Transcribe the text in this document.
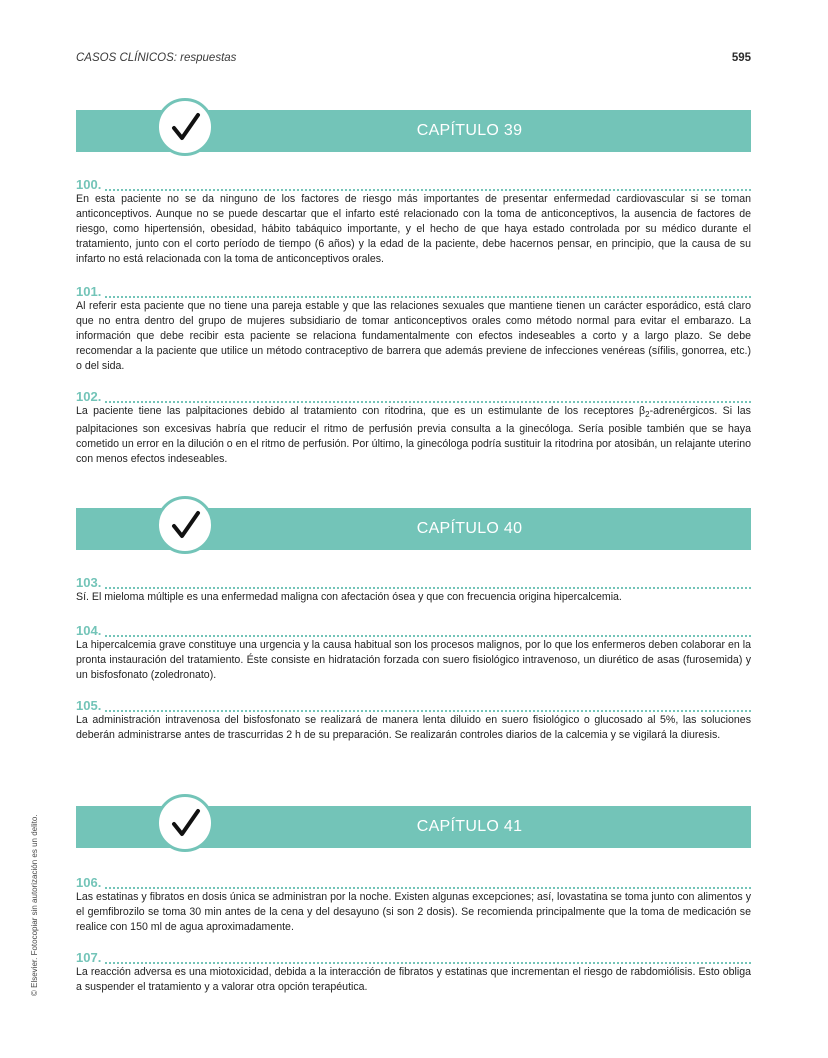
CASOS CLÍNICOS: respuestas	595
CAPÍTULO 39
100.

En esta paciente no se da ninguno de los factores de riesgo más importantes de presentar enfermedad cardiovascular si se toman anticonceptivos. Aunque no se puede descartar que el infarto esté relacionado con la toma de anticonceptivos, la ausencia de factores de riesgo, como hipertensión, obesidad, hábito tabáquico importante, y el hecho de que haya estado controlada por su médico durante el tratamiento, junto con el corto período de tiempo (6 años) y la edad de la paciente, debe hacernos pensar, en principio, que la causa de su infarto no está relacionada con la toma de anticonceptivos orales.

101.

Al referir esta paciente que no tiene una pareja estable y que las relaciones sexuales que mantiene tienen un carácter esporádico, está claro que no entra dentro del grupo de mujeres subsidiario de tomar anticonceptivos orales como método normal para evitar el embarazo. La información que debe recibir esta paciente se relaciona fundamentalmente con efectos indeseables a corto y a largo plazo. Se debe recomendar a la paciente que utilice un método contraceptivo de barrera que además previene de infecciones venéreas (sífilis, gonorrea, etc.) o del sida.

102.

La paciente tiene las palpitaciones debido al tratamiento con ritodrina, que es un estimulante de los receptores $\beta_2$-adrenérgicos. Si las palpitaciones son excesivas habría que reducir el ritmo de perfusión previa consulta a la ginecóloga. Sería posible también que se haya cometido un error en la dilución o en el ritmo de perfusión. Por último, la ginecóloga podría sustituir la ritodrina por atosibán, un relajante uterino con menos efectos indeseables.

CAPÍTULO 40
103.

Sí. El mieloma múltiple es una enfermedad maligna con afectación ósea y que con frecuencia origina hipercalcemia.

104.

La hipercalcemia grave constituye una urgencia y la causa habitual son los procesos malignos, por lo que los enfermeros deben colaborar en la pronta instauración del tratamiento. Éste consiste en hidratación forzada con suero fisiológico intravenoso, un diurético de asas (furosemida) y un bisfosfonato (zoledronato).

105.

La administración intravenosa del bisfosfonato se realizará de manera lenta diluido en suero fisiológico o glucosado al 5%, las soluciones deberán administrarse antes de trascurridas 2 h de su preparación. Se realizarán controles diarios de la calcemia y se vigilará la diuresis.

CAPÍTULO 41
106.

Las estatinas y fibratos en dosis única se administran por la noche. Existen algunas excepciones; así, lovastatina se toma junto con alimentos y el gemfibrozilo se toma 30 min antes de la cena y del desayuno (si son 2 dosis). Se recomienda principalmente que la toma de medicación se realice con 150 ml de agua aproximadamente.

107.

La reacción adversa es una miotoxicidad, debida a la interacción de fibratos y estatinas que incrementan el riesgo de rabdomiólisis. Esto obliga a suspender el tratamiento y a valorar otra opción terapéutica.

© Elsevier. Fotocopiar sin autorización es un delito.
